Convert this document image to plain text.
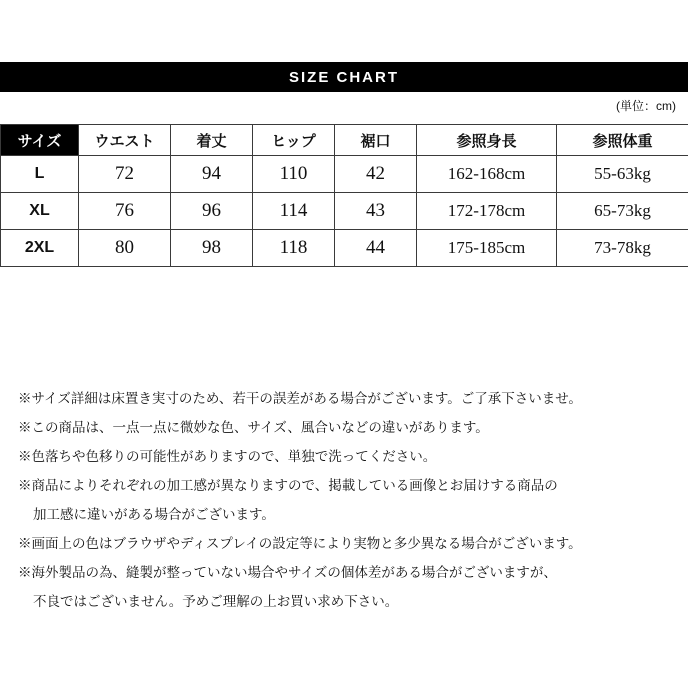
SIZE CHART
(単位：cm)
サイズ	ウエスト	着丈	ヒップ	裾口	参照身長	参照体重
L	72	94	110	42	162-168cm	55-63kg
XL	76	96	114	43	172-178cm	65-73kg
2XL	80	98	118	44	175-185cm	73-78kg
※サイズ詳細は床置き実寸のため、若干の誤差がある場合がございます。ご了承下さいませ。
※この商品は、一点一点に微妙な色、サイズ、風合いなどの違いがあります。
※色落ちや色移りの可能性がありますので、単独で洗ってください。
※商品によりそれぞれの加工感が異なりますので、掲載している画像とお届けする商品の
加工感に違いがある場合がございます。
※画面上の色はブラウザやディスプレイの設定等により実物と多少異なる場合がございます。
※海外製品の為、縫製が整っていない場合やサイズの個体差がある場合がございますが、
不良ではございません。予めご理解の上お買い求め下さい。
